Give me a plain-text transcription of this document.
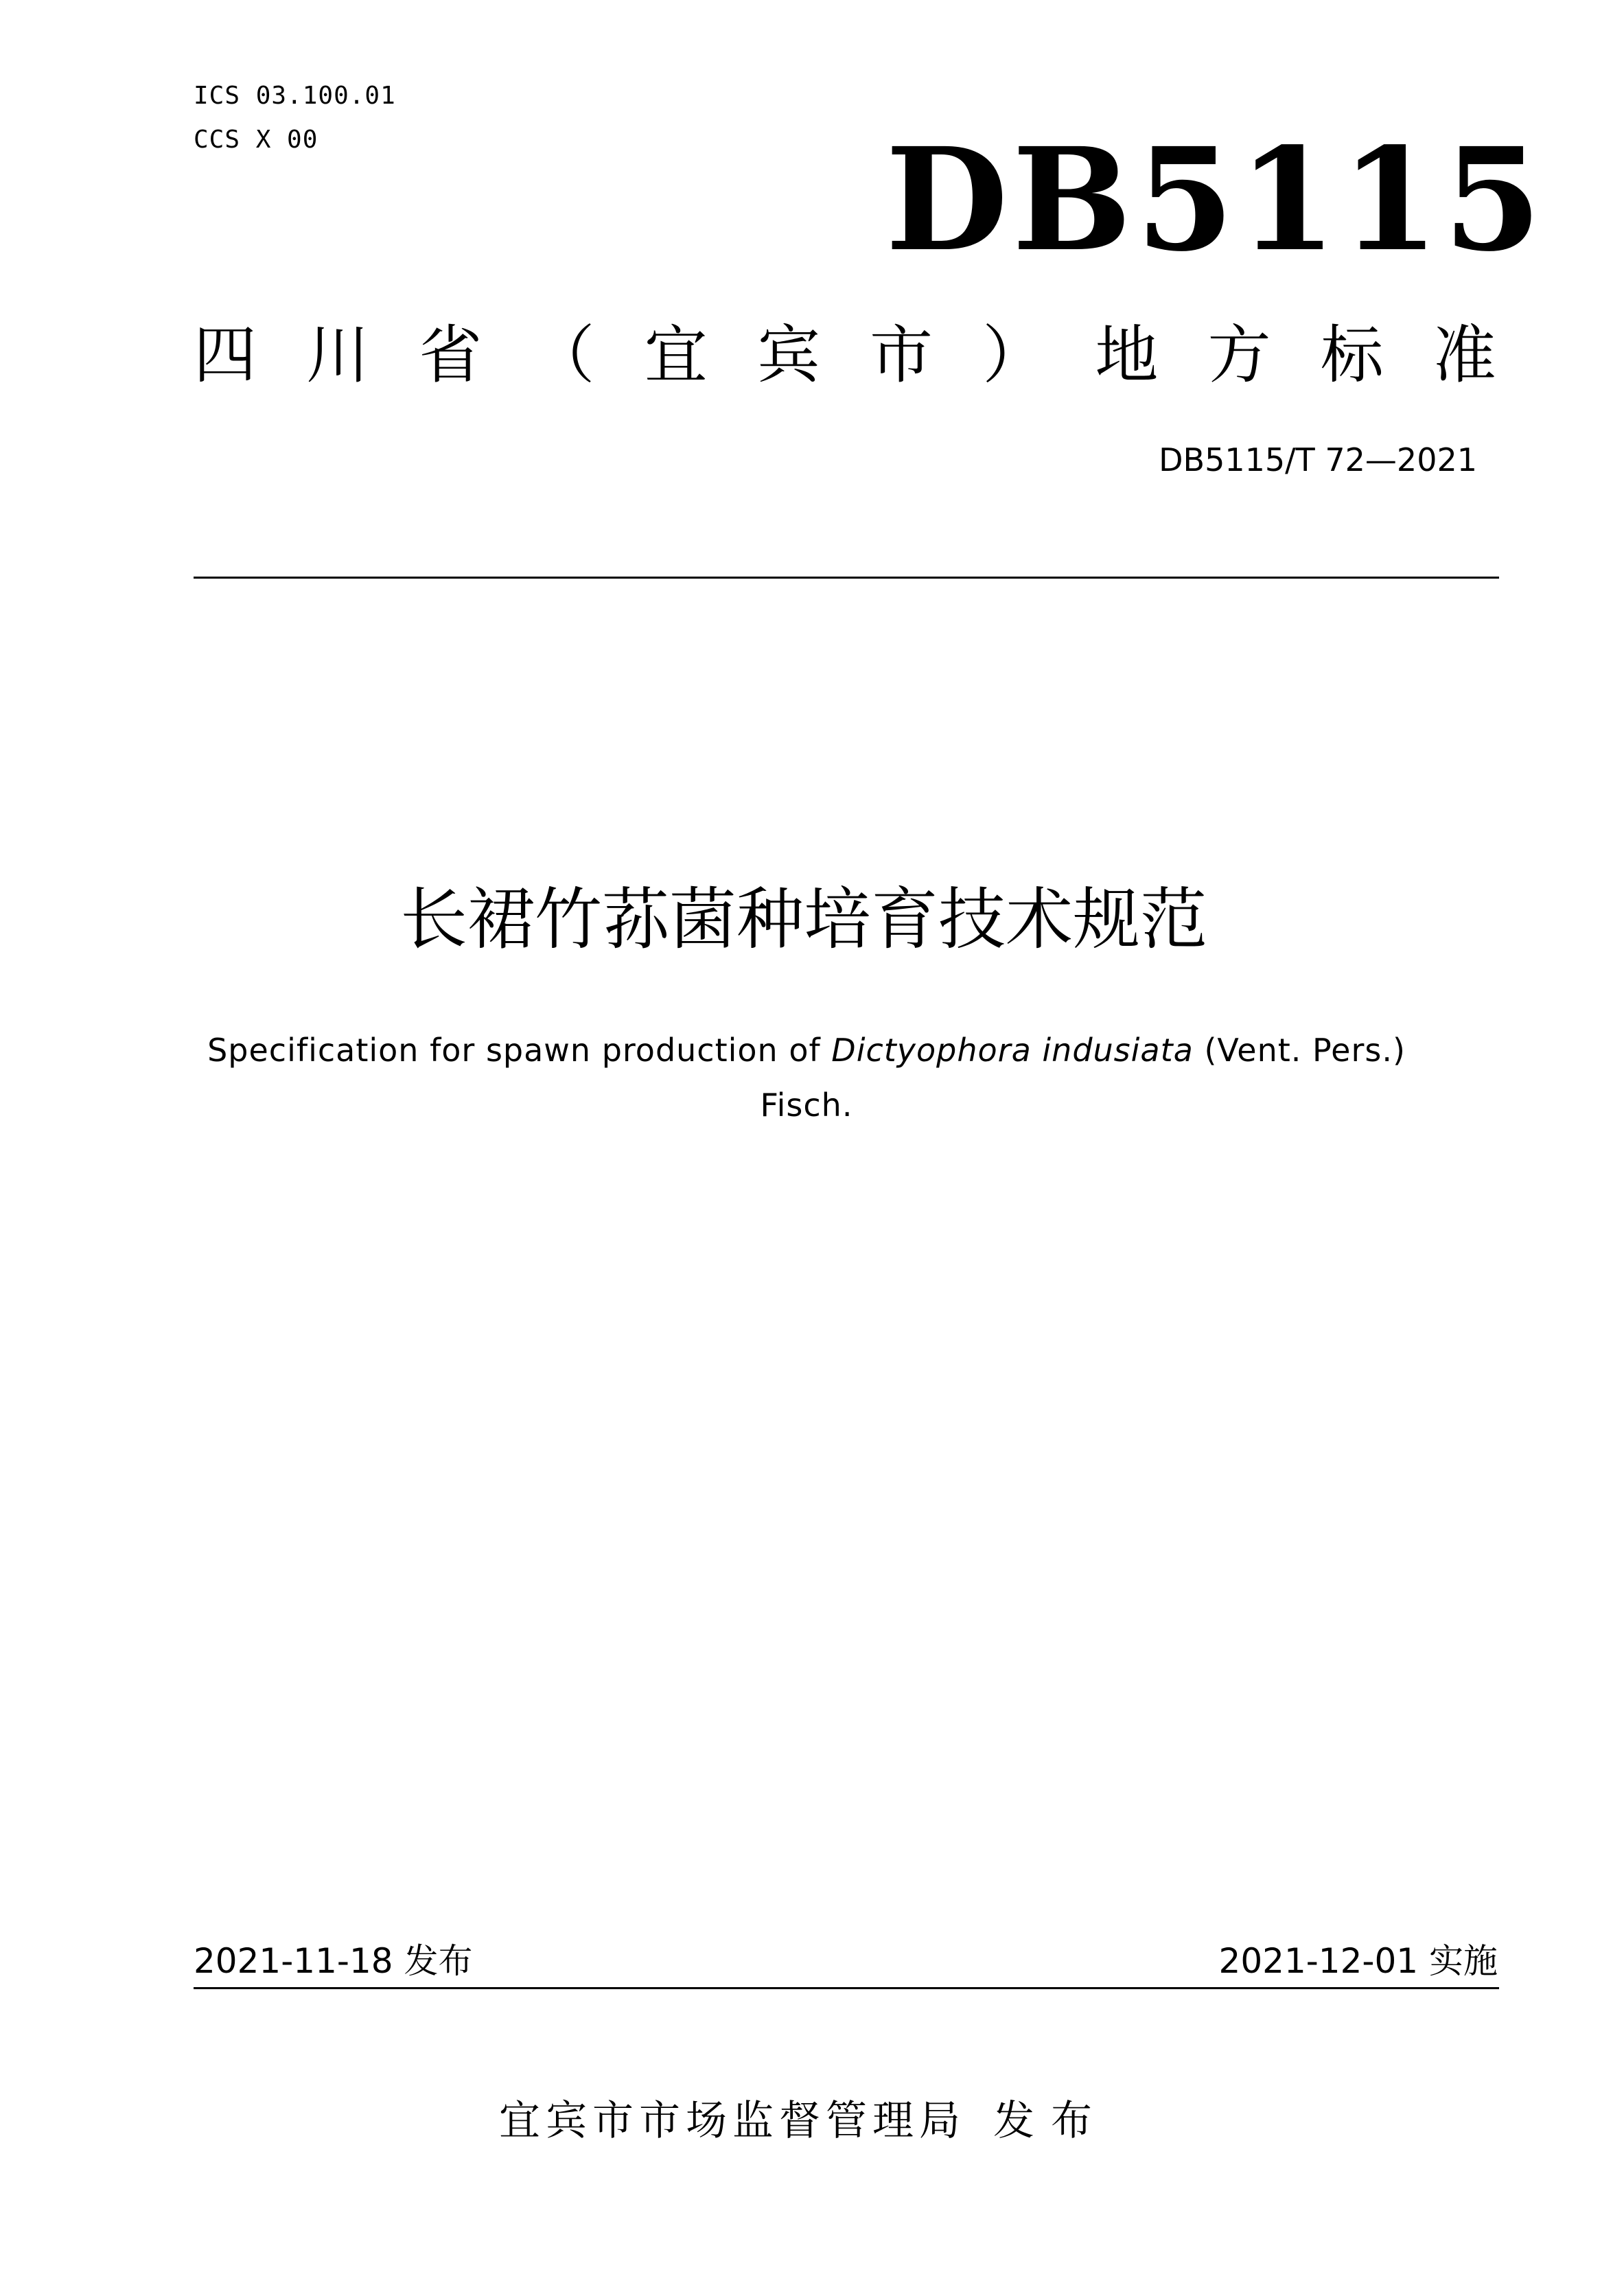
ICS 03.100.01
CCS X 00	DB5115
四 川 省 （ 宜 宾 市 ） 地 方 标 准
DB5115/T 72—2021
长裙竹荪菌种培育技术规范
Specification for spawn production of Dictyophora indusiata (Vent. Pers.)
Fisch.
2021-11-18 发布	2021-12-01 实施
宜宾市市场监督管理局 发布
